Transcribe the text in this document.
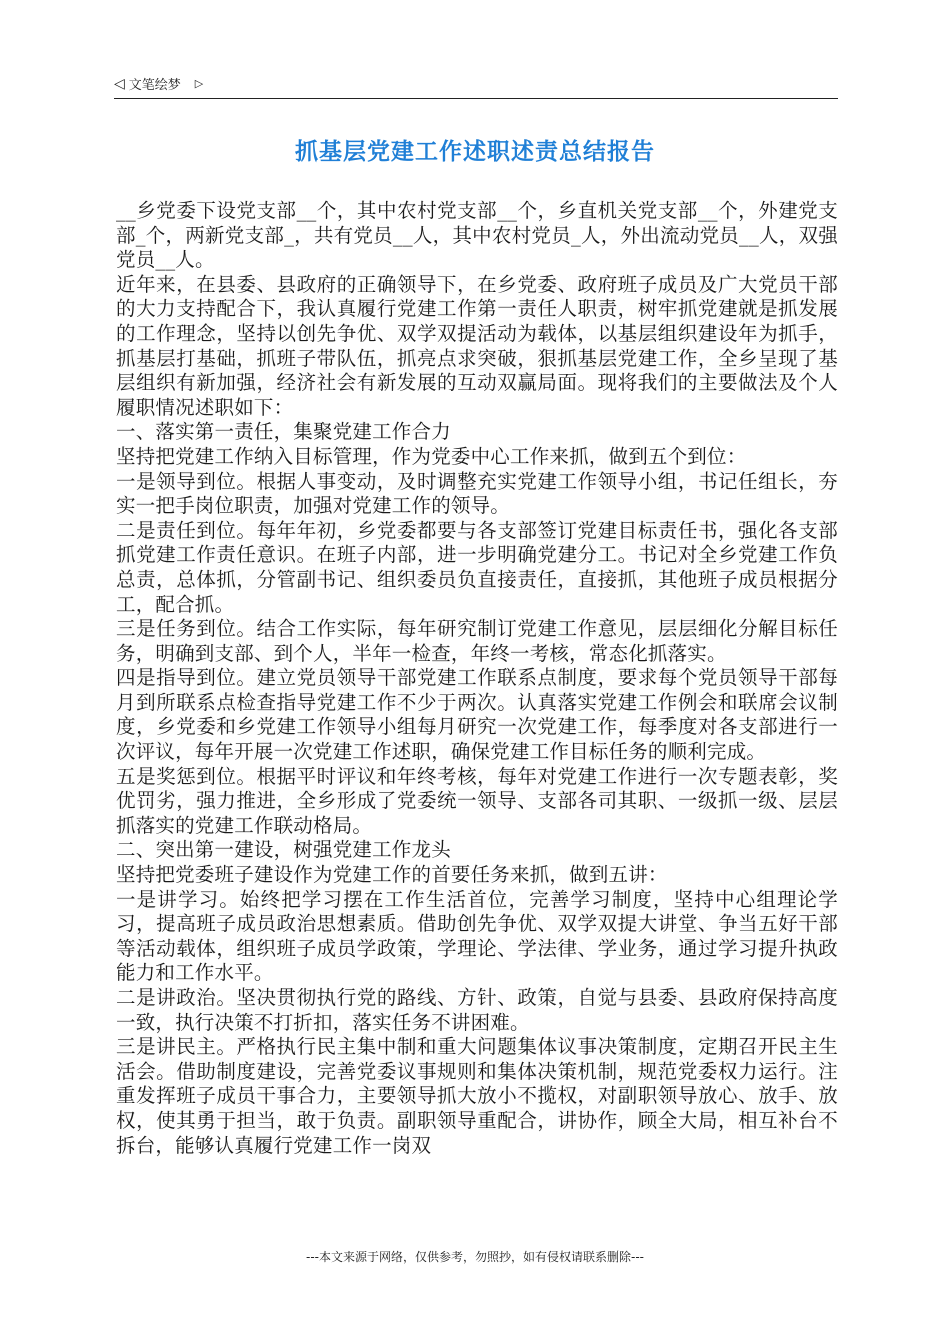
◁ 文笔绘梦 ▷
抓基层党建工作述职述责总结报告

__乡党委下设党支部__个，其中农村党支部__个，乡直机关党支部__个，外建党支部_个，两新党支部_，共有党员__人，其中农村党员_人，外出流动党员__人，双强党员__人。

近年来，在县委、县政府的正确领导下，在乡党委、政府班子成员及广大党员干部的大力支持配合下，我认真履行党建工作第一责任人职责，树牢抓党建就是抓发展的工作理念，坚持以创先争优、双学双提活动为载体，以基层组织建设年为抓手，抓基层打基础，抓班子带队伍，抓亮点求突破，狠抓基层党建工作，全乡呈现了基层组织有新加强，经济社会有新发展的互动双赢局面。现将我们的主要做法及个人履职情况述职如下：

一、落实第一责任，集聚党建工作合力

坚持把党建工作纳入目标管理，作为党委中心工作来抓，做到五个到位：

一是领导到位。根据人事变动，及时调整充实党建工作领导小组，书记任组长，夯实一把手岗位职责，加强对党建工作的领导。

二是责任到位。每年年初，乡党委都要与各支部签订党建目标责任书，强化各支部抓党建工作责任意识。在班子内部，进一步明确党建分工。书记对全乡党建工作负总责，总体抓，分管副书记、组织委员负直接责任，直接抓，其他班子成员根据分工，配合抓。

三是任务到位。结合工作实际，每年研究制订党建工作意见，层层细化分解目标任务，明确到支部、到个人，半年一检查，年终一考核，常态化抓落实。

四是指导到位。建立党员领导干部党建工作联系点制度，要求每个党员领导干部每月到所联系点检查指导党建工作不少于两次。认真落实党建工作例会和联席会议制度，乡党委和乡党建工作领导小组每月研究一次党建工作，每季度对各支部进行一次评议，每年开展一次党建工作述职，确保党建工作目标任务的顺利完成。

五是奖惩到位。根据平时评议和年终考核，每年对党建工作进行一次专题表彰，奖优罚劣，强力推进，全乡形成了党委统一领导、支部各司其职、一级抓一级、层层抓落实的党建工作联动格局。

二、突出第一建设，树强党建工作龙头

坚持把党委班子建设作为党建工作的首要任务来抓，做到五讲：

一是讲学习。始终把学习摆在工作生活首位，完善学习制度，坚持中心组理论学习，提高班子成员政治思想素质。借助创先争优、双学双提大讲堂、争当五好干部等活动载体，组织班子成员学政策，学理论、学法律、学业务，通过学习提升执政能力和工作水平。

二是讲政治。坚决贯彻执行党的路线、方针、政策，自觉与县委、县政府保持高度一致，执行决策不打折扣，落实任务不讲困难。

三是讲民主。严格执行民主集中制和重大问题集体议事决策制度，定期召开民主生活会。借助制度建设，完善党委议事规则和集体决策机制，规范党委权力运行。注重发挥班子成员干事合力，主要领导抓大放小不揽权，对副职领导放心、放手、放权，使其勇于担当，敢于负责。副职领导重配合，讲协作，顾全大局，相互补台不拆台，能够认真履行党建工作一岗双

---本文来源于网络，仅供参考，勿照抄，如有侵权请联系删除---
